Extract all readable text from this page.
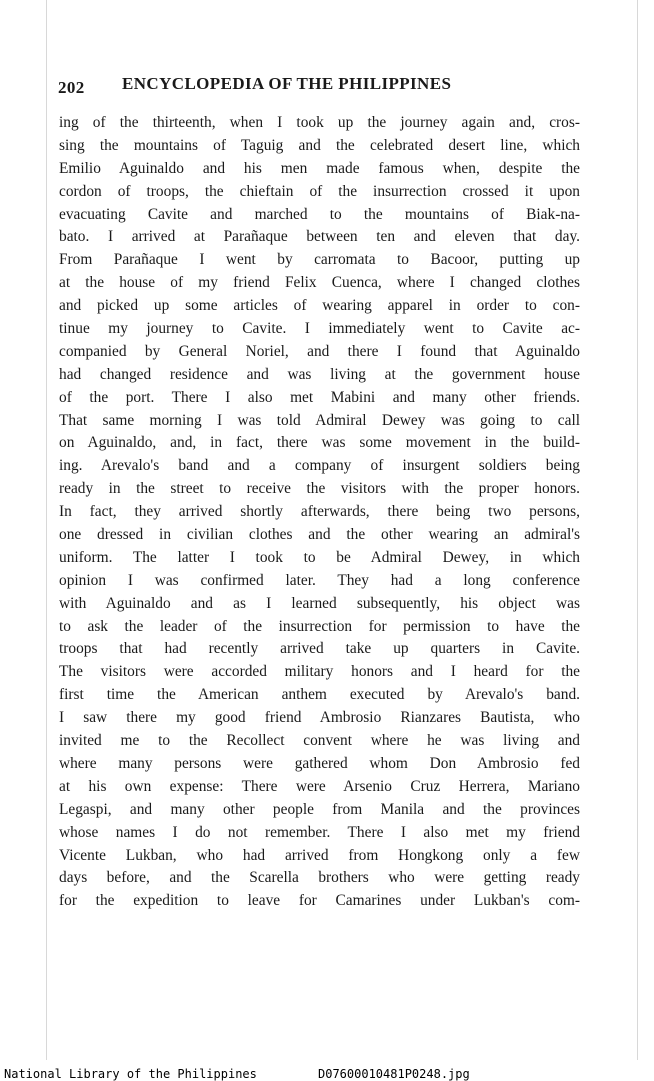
202 ENCYCLOPEDIA OF THE PHILIPPINES
ing of the thirteenth, when I took up the journey again and, cros-
sing the mountains of Taguig and the celebrated desert line, which
Emilio Aguinaldo and his men made famous when, despite the
cordon of troops, the chieftain of the insurrection crossed it upon
evacuating Cavite and marched to the mountains of Biak-na-
bato. I arrived at Parañaque between ten and eleven that day.
From Parañaque I went by carromata to Bacoor, putting up
at the house of my friend Felix Cuenca, where I changed clothes
and picked up some articles of wearing apparel in order to con-
tinue my journey to Cavite. I immediately went to Cavite ac-
companied by General Noriel, and there I found that Aguinaldo
had changed residence and was living at the government house
of the port. There I also met Mabini and many other friends.
That same morning I was told Admiral Dewey was going to call
on Aguinaldo, and, in fact, there was some movement in the build-
ing. Arevalo's band and a company of insurgent soldiers being
ready in the street to receive the visitors with the proper honors.
In fact, they arrived shortly afterwards, there being two persons,
one dressed in civilian clothes and the other wearing an admiral's
uniform. The latter I took to be Admiral Dewey, in which
opinion I was confirmed later. They had a long conference
with Aguinaldo and as I learned subsequently, his object was
to ask the leader of the insurrection for permission to have the
troops that had recently arrived take up quarters in Cavite.
The visitors were accorded military honors and I heard for the
first time the American anthem executed by Arevalo's band.
I saw there my good friend Ambrosio Rianzares Bautista, who
invited me to the Recollect convent where he was living and
where many persons were gathered whom Don Ambrosio fed
at his own expense: There were Arsenio Cruz Herrera, Mariano
Legaspi, and many other people from Manila and the provinces
whose names I do not remember. There I also met my friend
Vicente Lukban, who had arrived from Hongkong only a few
days before, and the Scarella brothers who were getting ready
for the expedition to leave for Camarines under Lukban's com-
National Library of the Philippines	D07600010481P0248.jpg
